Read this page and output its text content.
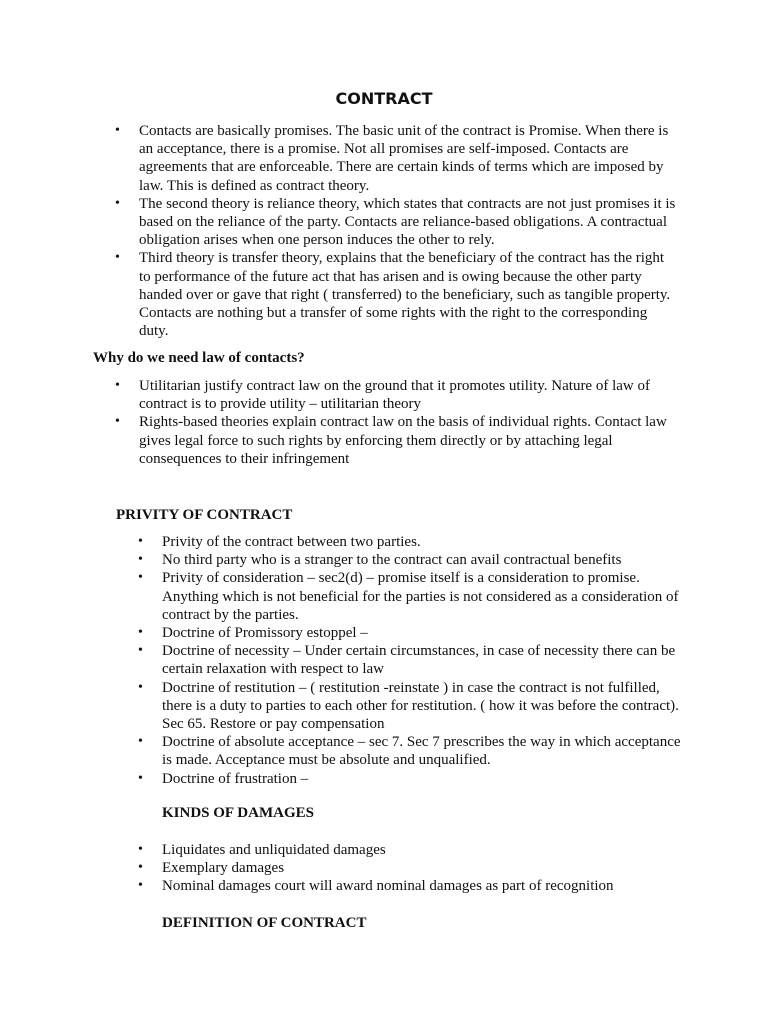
CONTRACT
• Contacts are basically promises. The basic unit of the contract is Promise. When there is an acceptance, there is a promise. Not all promises are self-imposed. Contacts are agreements that are enforceable. There are certain kinds of terms which are imposed by law. This is defined as contract theory.
• The second theory is reliance theory, which states that contracts are not just promises it is based on the reliance of the party. Contacts are reliance-based obligations. A contractual obligation arises when one person induces the other to rely.
• Third theory is transfer theory, explains that the beneficiary of the contract has the right to performance of the future act that has arisen and is owing because the other party handed over or gave that right ( transferred) to the beneficiary, such as tangible property. Contacts are nothing but a transfer of some rights with the right to the corresponding duty.

Why do we need law of contacts?

• Utilitarian justify contract law on the ground that it promotes utility. Nature of law of contract is to provide utility – utilitarian theory
• Rights-based theories explain contract law on the basis of individual rights. Contact law gives legal force to such rights by enforcing them directly or by attaching legal consequences to their infringement

PRIVITY OF CONTRACT

• Privity of the contract between two parties.
• No third party who is a stranger to the contract can avail contractual benefits
• Privity of consideration – sec2(d) – promise itself is a consideration to promise. Anything which is not beneficial for the parties is not considered as a consideration of contract by the parties.
• Doctrine of Promissory estoppel –
• Doctrine of necessity – Under certain circumstances, in case of necessity there can be certain relaxation with respect to law
• Doctrine of restitution – ( restitution -reinstate ) in case the contract is not fulfilled, there is a duty to parties to each other for restitution. ( how it was before the contract). Sec 65. Restore or pay compensation
• Doctrine of absolute acceptance – sec 7. Sec 7 prescribes the way in which acceptance is made. Acceptance must be absolute and unqualified.
• Doctrine of frustration –

KINDS OF DAMAGES

• Liquidates and unliquidated damages
• Exemplary damages
• Nominal damages court will award nominal damages as part of recognition

DEFINITION OF CONTRACT
